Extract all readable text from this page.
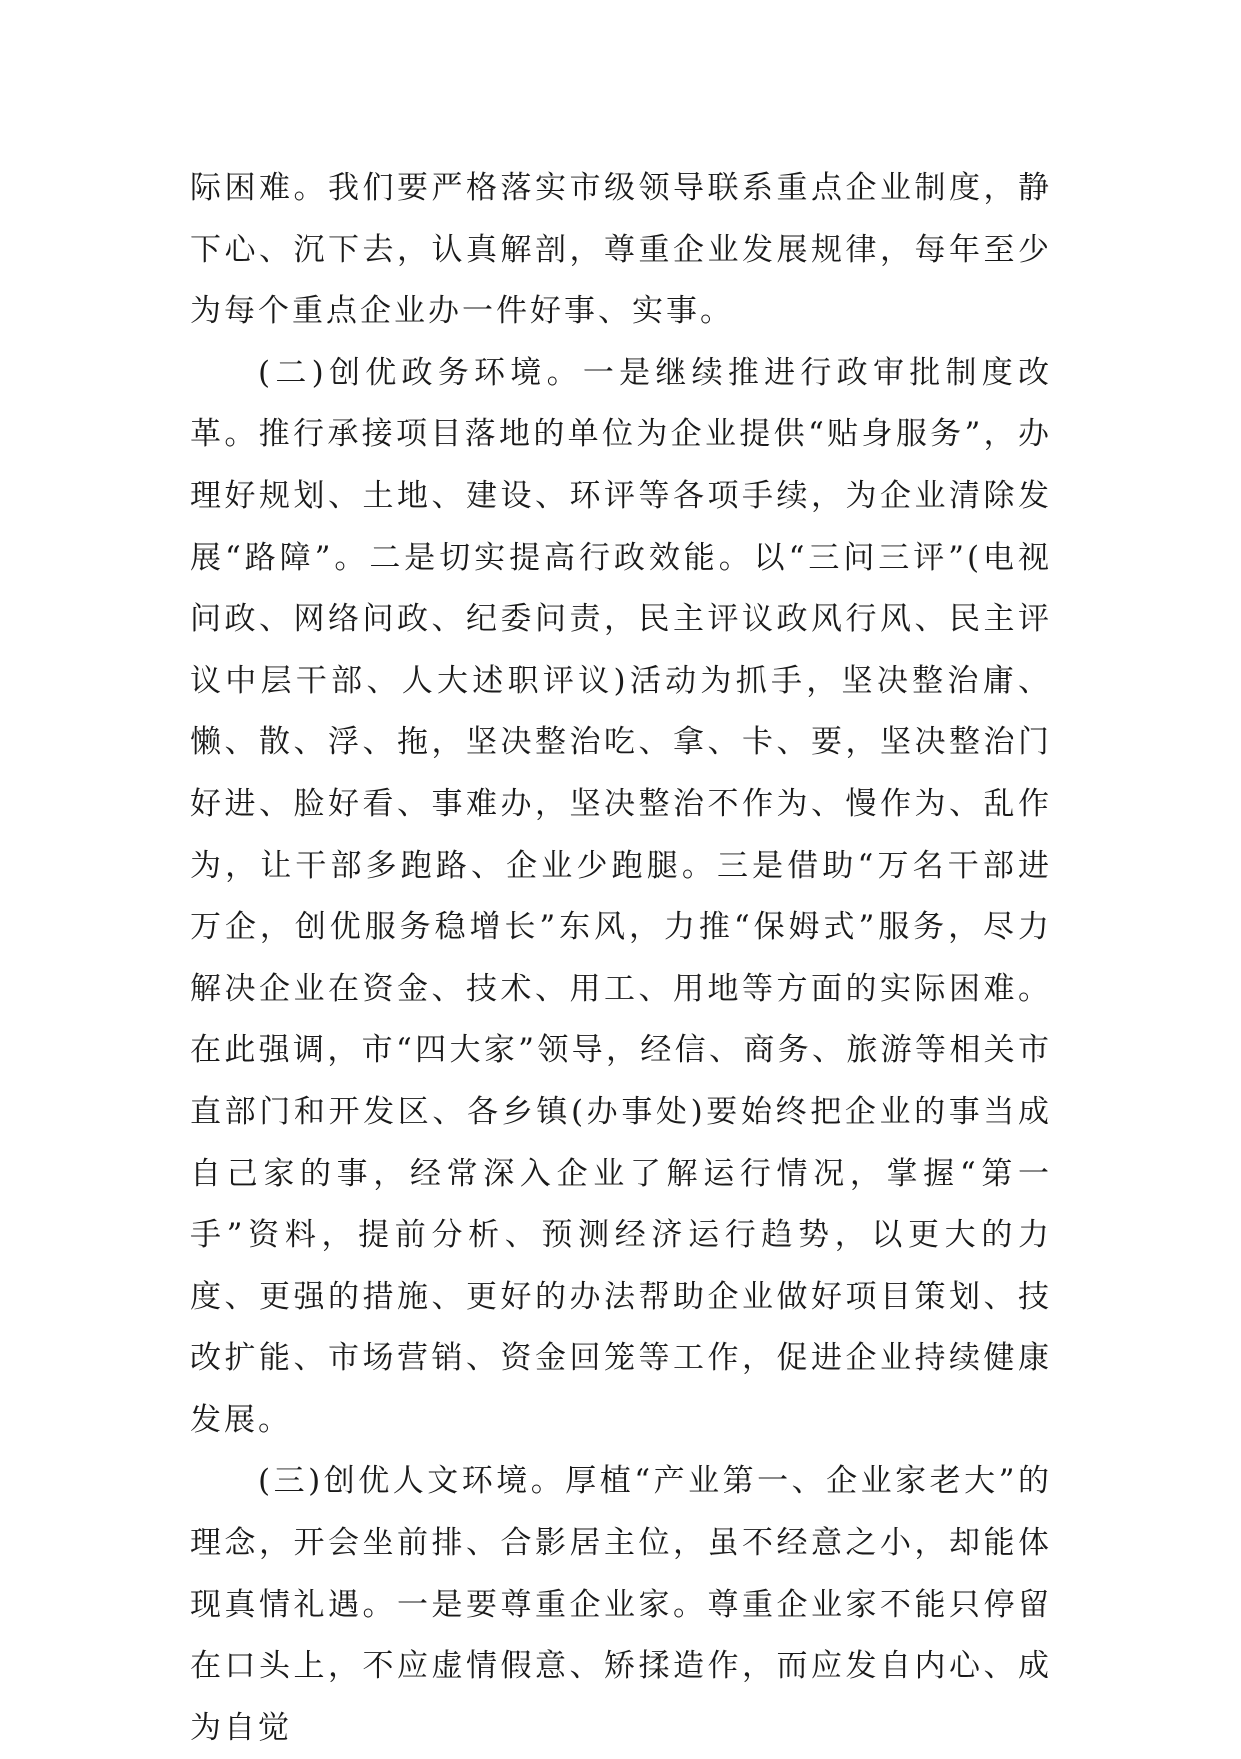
际困难。我们要严格落实市级领导联系重点企业制度，静下心、沉下去，认真解剖，尊重企业发展规律，每年至少为每个重点企业办一件好事、实事。

(二)创优政务环境。一是继续推进行政审批制度改革。推行承接项目落地的单位为企业提供“贴身服务”，办理好规划、土地、建设、环评等各项手续，为企业清除发展“路障”。二是切实提高行政效能。以“三问三评”(电视问政、网络问政、纪委问责，民主评议政风行风、民主评议中层干部、人大述职评议)活动为抓手，坚决整治庸、懒、散、浮、拖，坚决整治吃、拿、卡、要，坚决整治门好进、脸好看、事难办，坚决整治不作为、慢作为、乱作为，让干部多跑路、企业少跑腿。三是借助“万名干部进万企，创优服务稳增长”东风，力推“保姆式”服务，尽力解决企业在资金、技术、用工、用地等方面的实际困难。在此强调，市“四大家”领导，经信、商务、旅游等相关市直部门和开发区、各乡镇(办事处)要始终把企业的事当成自己家的事，经常深入企业了解运行情况，掌握“第一手”资料，提前分析、预测经济运行趋势，以更大的力度、更强的措施、更好的办法帮助企业做好项目策划、技改扩能、市场营销、资金回笼等工作，促进企业持续健康发展。

(三)创优人文环境。厚植“产业第一、企业家老大”的理念，开会坐前排、合影居主位，虽不经意之小，却能体现真情礼遇。一是要尊重企业家。尊重企业家不能只停留在口头上，不应虚情假意、矫揉造作，而应发自内心、成为自觉
